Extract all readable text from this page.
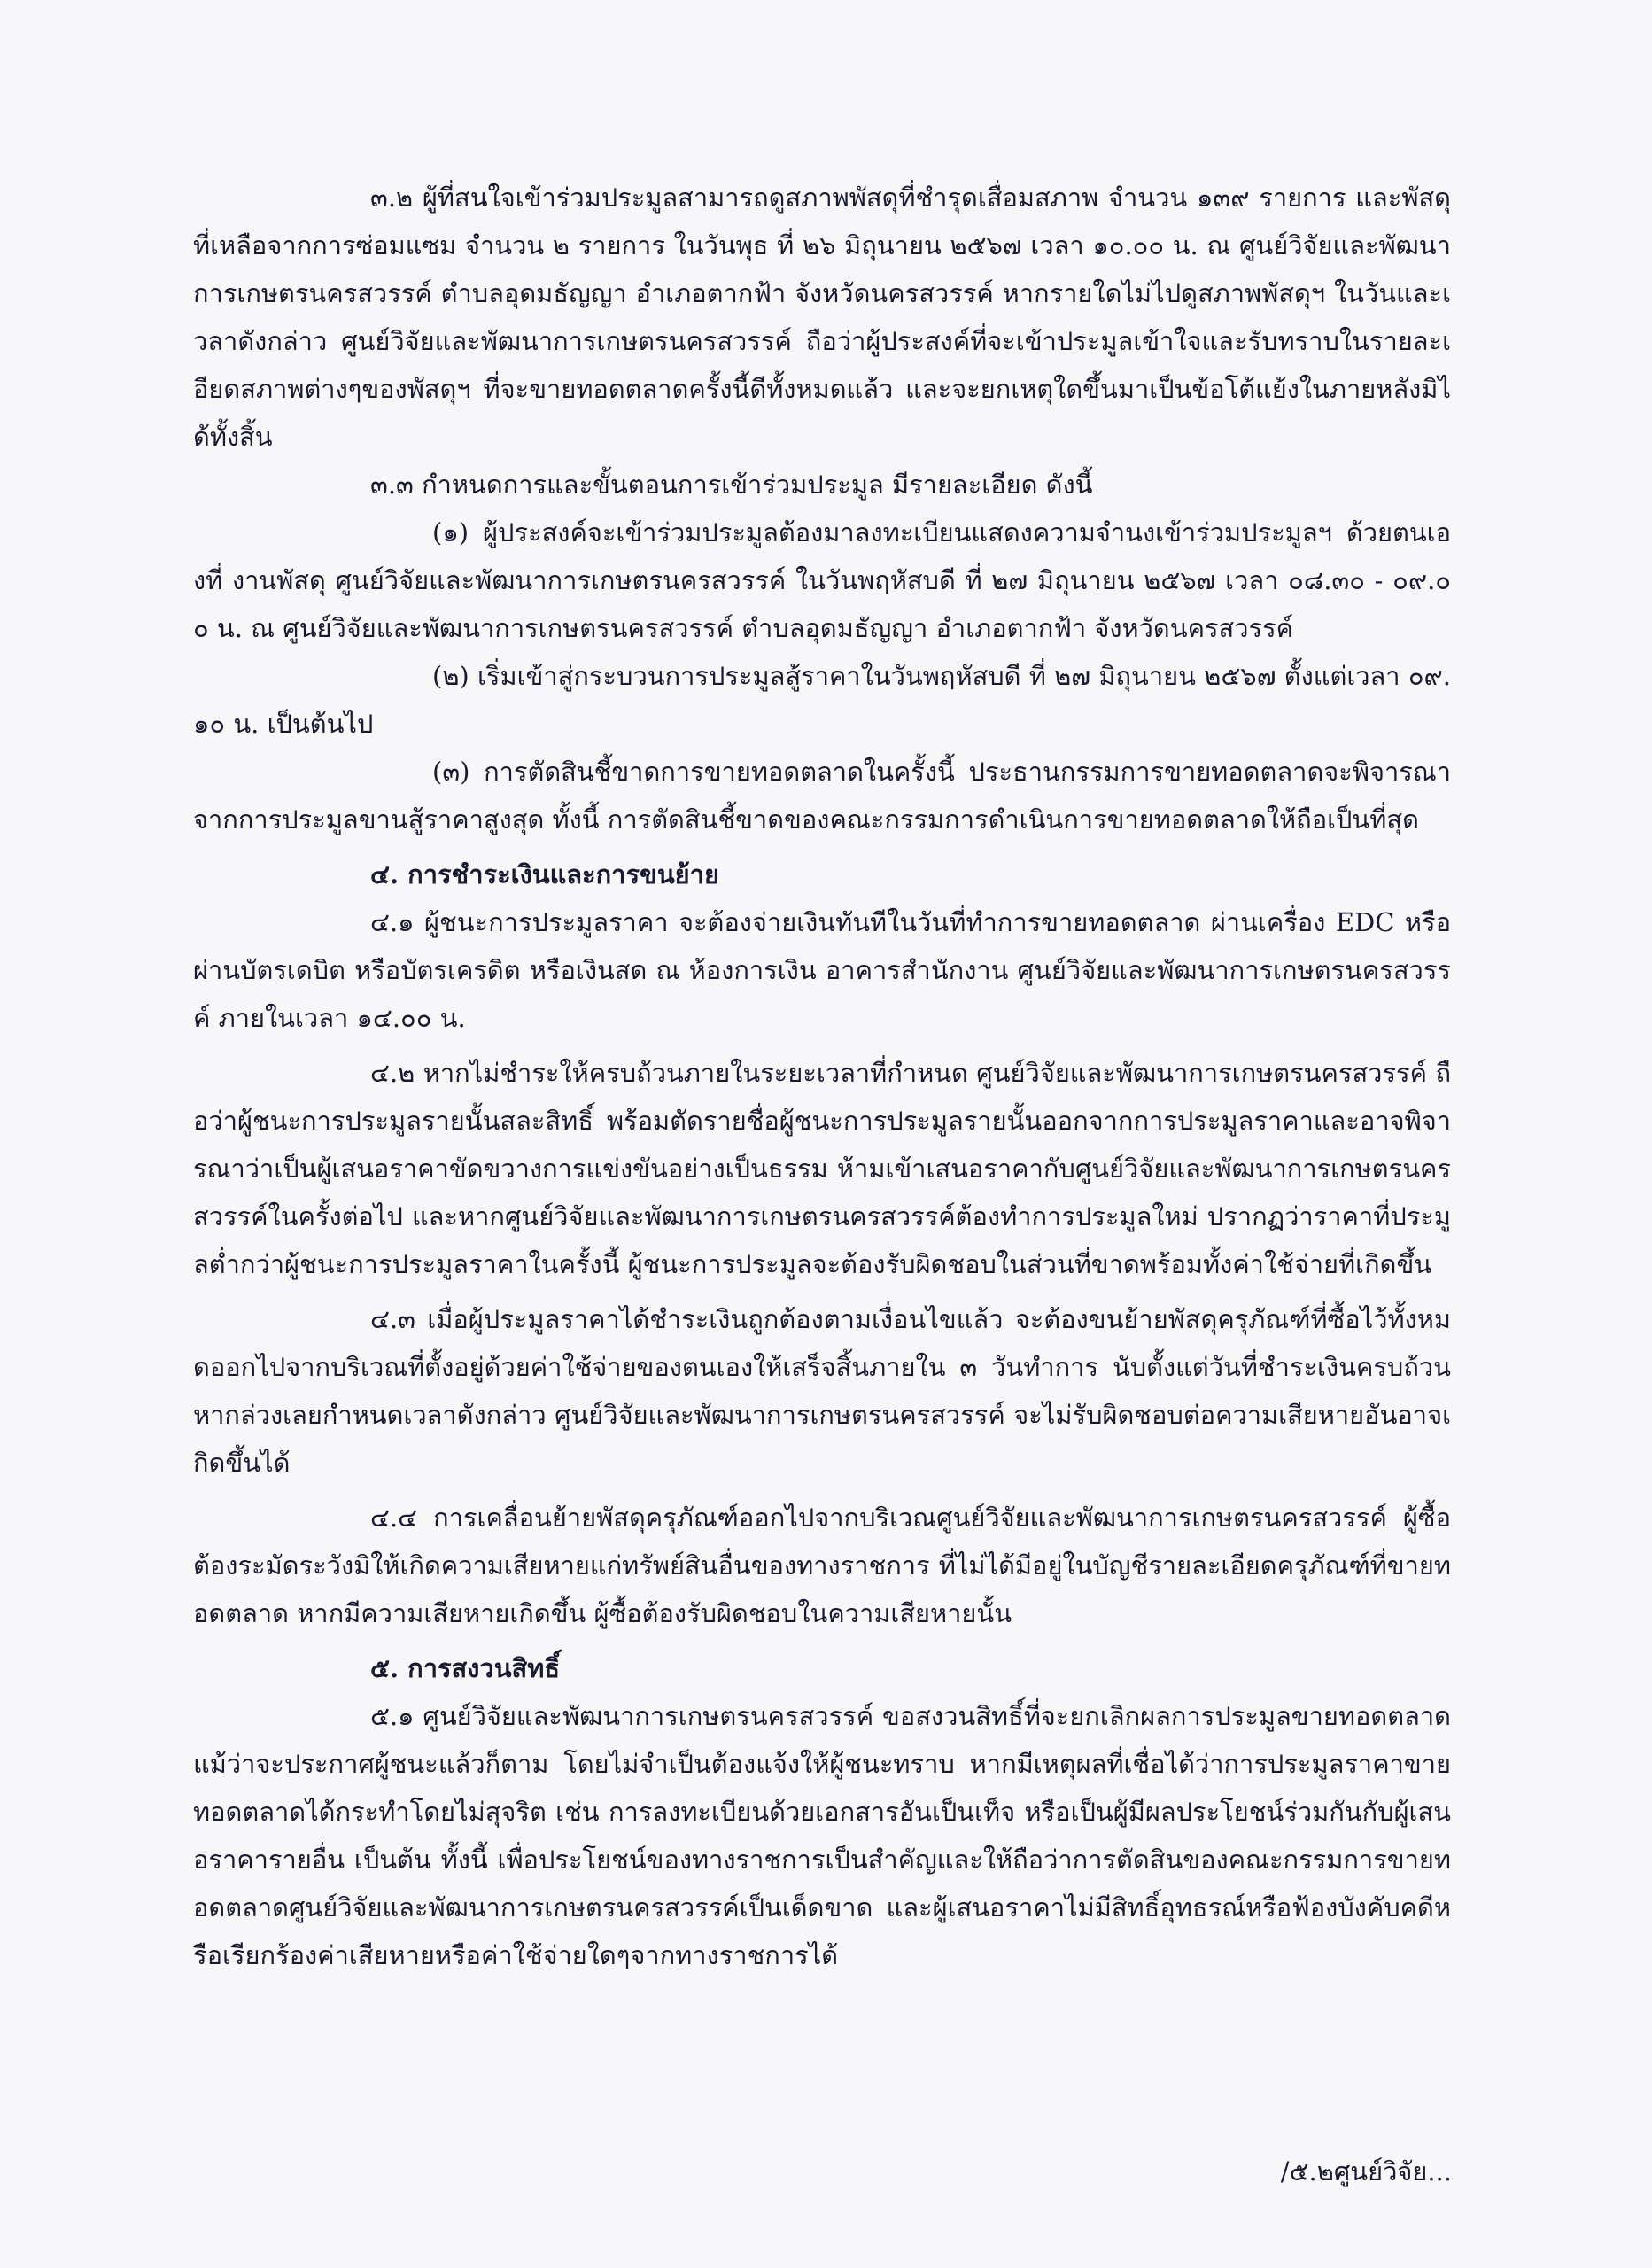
๓.๒ ผู้ที่สนใจเข้าร่วมประมูลสามารถดูสภาพพัสดุที่ชำรุดเสื่อมสภาพ จำนวน ๑๓๙ รายการ และพัสดุที่เหลือจากการซ่อมแซม จำนวน ๒ รายการ ในวันพุธ ที่ ๒๖ มิถุนายน ๒๕๖๗ เวลา ๑๐.๐๐ น. ณ ศูนย์วิจัยและพัฒนาการเกษตรนครสวรรค์ ตำบลอุดมธัญญา อำเภอตากฟ้า จังหวัดนครสวรรค์ หากรายใดไม่ไปดูสภาพพัสดุฯ ในวันและเวลาดังกล่าว ศูนย์วิจัยและพัฒนาการเกษตรนครสวรรค์ ถือว่าผู้ประสงค์ที่จะเข้าประมูลเข้าใจและรับทราบในรายละเอียดสภาพต่างๆของพัสดุฯ ที่จะขายทอดตลาดครั้งนี้ดีทั้งหมดแล้ว และจะยกเหตุใดขึ้นมาเป็นข้อโต้แย้งในภายหลังมิได้ทั้งสิ้น

๓.๓ กำหนดการและขั้นตอนการเข้าร่วมประมูล มีรายละเอียด ดังนี้

(๑) ผู้ประสงค์จะเข้าร่วมประมูลต้องมาลงทะเบียนแสดงความจำนงเข้าร่วมประมูลฯ ด้วยตนเองที่ งานพัสดุ ศูนย์วิจัยและพัฒนาการเกษตรนครสวรรค์ ในวันพฤหัสบดี ที่ ๒๗ มิถุนายน ๒๕๖๗ เวลา ๐๘.๓๐ - ๐๙.๐๐ น. ณ ศูนย์วิจัยและพัฒนาการเกษตรนครสวรรค์ ตำบลอุดมธัญญา อำเภอตากฟ้า จังหวัดนครสวรรค์

(๒) เริ่มเข้าสู่กระบวนการประมูลสู้ราคาในวันพฤหัสบดี ที่ ๒๗ มิถุนายน ๒๕๖๗ ตั้งแต่เวลา ๐๙.๑๐ น. เป็นต้นไป

(๓) การตัดสินชี้ขาดการขายทอดตลาดในครั้งนี้ ประธานกรรมการขายทอดตลาดจะพิจารณาจากการประมูลขานสู้ราคาสูงสุด ทั้งนี้ การตัดสินชี้ขาดของคณะกรรมการดำเนินการขายทอดตลาดให้ถือเป็นที่สุด

๔. การชำระเงินและการขนย้าย

๔.๑ ผู้ชนะการประมูลราคา จะต้องจ่ายเงินทันทีในวันที่ทำการขายทอดตลาด ผ่านเครื่อง EDC หรือผ่านบัตรเดบิต หรือบัตรเครดิต หรือเงินสด ณ ห้องการเงิน อาคารสำนักงาน ศูนย์วิจัยและพัฒนาการเกษตรนครสวรรค์ ภายในเวลา ๑๔.๐๐ น.

๔.๒ หากไม่ชำระให้ครบถ้วนภายในระยะเวลาที่กำหนด ศูนย์วิจัยและพัฒนาการเกษตรนครสวรรค์ ถือว่าผู้ชนะการประมูลรายนั้นสละสิทธิ์ พร้อมตัดรายชื่อผู้ชนะการประมูลรายนั้นออกจากการประมูลราคาและอาจพิจารณาว่าเป็นผู้เสนอราคาขัดขวางการแข่งขันอย่างเป็นธรรม ห้ามเข้าเสนอราคากับศูนย์วิจัยและพัฒนาการเกษตรนครสวรรค์ในครั้งต่อไป และหากศูนย์วิจัยและพัฒนาการเกษตรนครสวรรค์ต้องทำการประมูลใหม่ ปรากฏว่าราคาที่ประมูลต่ำกว่าผู้ชนะการประมูลราคาในครั้งนี้ ผู้ชนะการประมูลจะต้องรับผิดชอบในส่วนที่ขาดพร้อมทั้งค่าใช้จ่ายที่เกิดขึ้น

๔.๓ เมื่อผู้ประมูลราคาได้ชำระเงินถูกต้องตามเงื่อนไขแล้ว จะต้องขนย้ายพัสดุครุภัณฑ์ที่ซื้อไว้ทั้งหมดออกไปจากบริเวณที่ตั้งอยู่ด้วยค่าใช้จ่ายของตนเองให้เสร็จสิ้นภายใน ๓ วันทำการ นับตั้งแต่วันที่ชำระเงินครบถ้วน หากล่วงเลยกำหนดเวลาดังกล่าว ศูนย์วิจัยและพัฒนาการเกษตรนครสวรรค์ จะไม่รับผิดชอบต่อความเสียหายอันอาจเกิดขึ้นได้

๔.๔ การเคลื่อนย้ายพัสดุครุภัณฑ์ออกไปจากบริเวณศูนย์วิจัยและพัฒนาการเกษตรนครสวรรค์ ผู้ซื้อต้องระมัดระวังมิให้เกิดความเสียหายแก่ทรัพย์สินอื่นของทางราชการ ที่ไม่ได้มีอยู่ในบัญชีรายละเอียดครุภัณฑ์ที่ขายทอดตลาด หากมีความเสียหายเกิดขึ้น ผู้ซื้อต้องรับผิดชอบในความเสียหายนั้น

๕. การสงวนสิทธิ์

๕.๑ ศูนย์วิจัยและพัฒนาการเกษตรนครสวรรค์ ขอสงวนสิทธิ์ที่จะยกเลิกผลการประมูลขายทอดตลาดแม้ว่าจะประกาศผู้ชนะแล้วก็ตาม โดยไม่จำเป็นต้องแจ้งให้ผู้ชนะทราบ หากมีเหตุผลที่เชื่อได้ว่าการประมูลราคาขายทอดตลาดได้กระทำโดยไม่สุจริต เช่น การลงทะเบียนด้วยเอกสารอันเป็นเท็จ หรือเป็นผู้มีผลประโยชน์ร่วมกันกับผู้เสนอราคารายอื่น เป็นต้น ทั้งนี้ เพื่อประโยชน์ของทางราชการเป็นสำคัญและให้ถือว่าการตัดสินของคณะกรรมการขายทอดตลาดศูนย์วิจัยและพัฒนาการเกษตรนครสวรรค์เป็นเด็ดขาด และผู้เสนอราคาไม่มีสิทธิ์อุทธรณ์หรือฟ้องบังคับคดีหรือเรียกร้องค่าเสียหายหรือค่าใช้จ่ายใดๆจากทางราชการได้

/๕.๒ศูนย์วิจัย...
